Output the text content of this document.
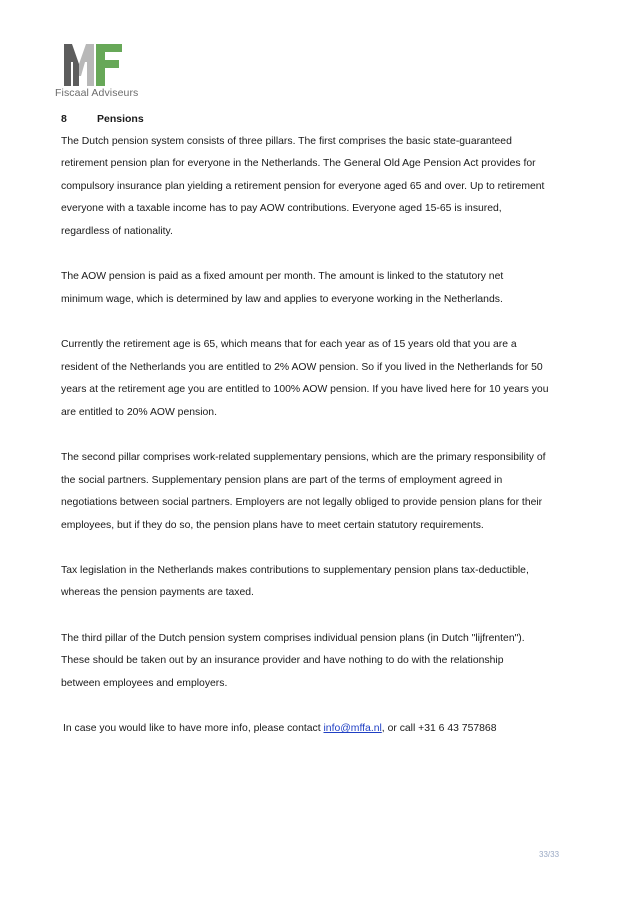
Fiscaal Adviseurs
8	Pensions
The Dutch pension system consists of three pillars. The first comprises the basic state-guaranteed
retirement pension plan for everyone in the Netherlands. The General Old Age Pension Act provides for
compulsory insurance plan yielding a retirement pension for everyone aged 65 and over. Up to retirement
everyone with a taxable income has to pay AOW contributions. Everyone aged 15-65 is insured,
regardless of nationality.
The AOW pension is paid as a fixed amount per month. The amount is linked to the statutory net
minimum wage, which is determined by law and applies to everyone working in the Netherlands.
Currently the retirement age is 65, which means that for each year as of 15 years old that you are a
resident of the Netherlands you are entitled to 2% AOW pension. So if you lived in the Netherlands for 50
years at the retirement age you are entitled to 100% AOW pension. If you have lived here for 10 years you
are entitled to 20% AOW pension.
The second pillar comprises work-related supplementary pensions, which are the primary responsibility of
the social partners. Supplementary pension plans are part of the terms of employment agreed in
negotiations between social partners. Employers are not legally obliged to provide pension plans for their
employees, but if they do so, the pension plans have to meet certain statutory requirements.
Tax legislation in the Netherlands makes contributions to supplementary pension plans tax-deductible,
whereas the pension payments are taxed.
The third pillar of the Dutch pension system comprises individual pension plans (in Dutch "lijfrenten").
These should be taken out by an insurance provider and have nothing to do with the relationship
between employees and employers.
In case you would like to have more info, please contact info@mffa.nl, or call +31 6 43 757868
33/33
